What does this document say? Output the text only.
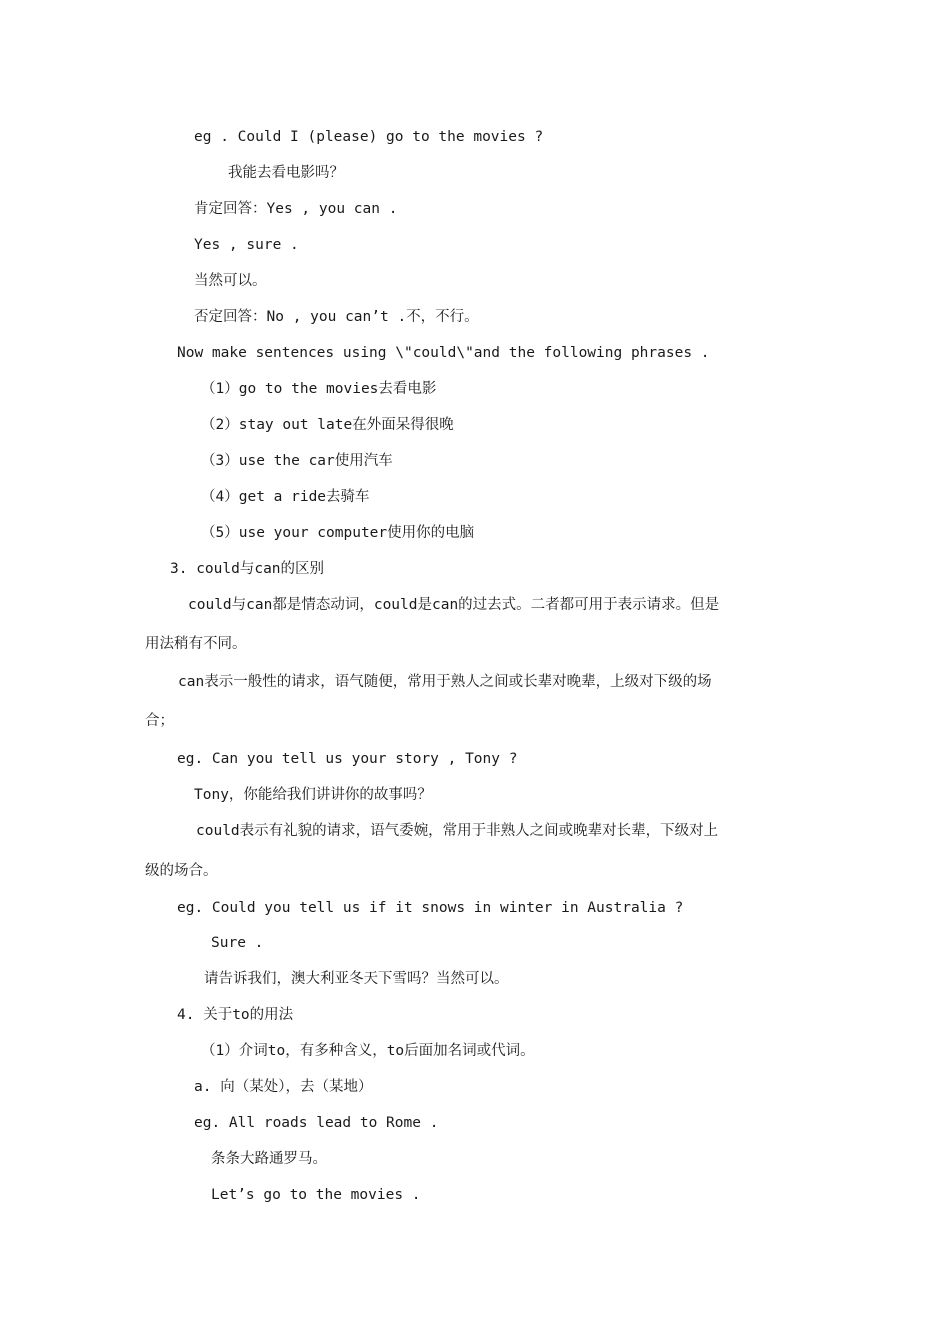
eg . Could I (please) go to the movies ?
我能去看电影吗？
肯定回答：Yes , you can .
Yes , sure .
当然可以。
否定回答：No , you can’t .不，不行。
Now make sentences using \"could\"and the following phrases .
（1）go to the movies去看电影
（2）stay out late在外面呆得很晚
（3）use the car使用汽车
（4）get a ride去骑车
（5）use your computer使用你的电脑
3. could与can的区别
could与can都是情态动词，could是can的过去式。二者都可用于表示请求。但是
用法稍有不同。
can表示一般性的请求，语气随便，常用于熟人之间或长辈对晚辈，上级对下级的场
合；
eg. Can you tell us your story , Tony ?
Tony，你能给我们讲讲你的故事吗？
could表示有礼貌的请求，语气委婉，常用于非熟人之间或晚辈对长辈，下级对上
级的场合。
eg. Could you tell us if it snows in winter in Australia ?
Sure .
请告诉我们，澳大利亚冬天下雪吗？当然可以。
4. 关于to的用法
（1）介词to，有多种含义，to后面加名词或代词。
a. 向（某处），去（某地）
eg. All roads lead to Rome .
条条大路通罗马。
Let’s go to the movies .
